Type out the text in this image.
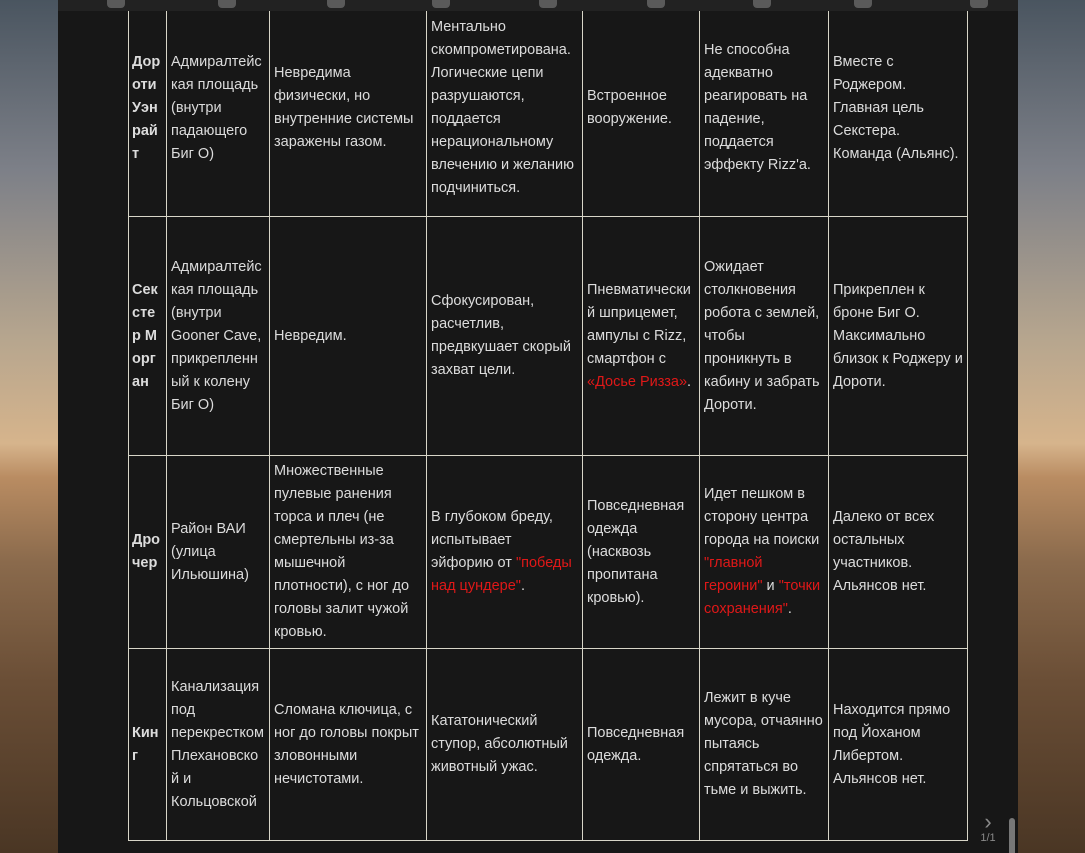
Дороти Уэнрайт	Адмиралтейская площадь (внутри падающего Биг О)	Невредима физически, но внутренние системы заражены газом.	Ментально скомпрометирована. Логические цепи разрушаются, поддается нерациональному влечению и желанию подчиниться.	Встроенное вооружение.	Не способна адекватно реагировать на падение, поддается эффекту Rizz'a.	Вместе с Роджером. Главная цель Секстера. Команда (Альянс).
Секстер Морган	Адмиралтейская площадь (внутри Gooner Cave, прикрепленный к колену Биг О)	Невредим.	Сфокусирован, расчетлив, предвкушает скорый захват цели.	Пневматический шприцемет, ампулы с Rizz, смартфон с «Досье Ризза».	Ожидает столкновения робота с землей, чтобы проникнуть в кабину и забрать Дороти.	Прикреплен к броне Биг О. Максимально близок к Роджеру и Дороти.
Дрочер	Район ВАИ (улица Ильюшина)	Множественные пулевые ранения торса и плеч (не смертельны из-за мышечной плотности), с ног до головы залит чужой кровью.	В глубоком бреду, испытывает эйфорию от "победы над цундере".	Повседневная одежда (насквозь пропитана кровью).	Идет пешком в сторону центра города на поиски "главной героини" и "точки сохранения".	Далеко от всех остальных участников. Альянсов нет.
Кинг	Канализация под перекрестком Плехановской и Кольцовской	Сломана ключица, с ног до головы покрыт зловонными нечистотами.	Кататонический ступор, абсолютный животный ужас.	Повседневная одежда.	Лежит в куче мусора, отчаянно пытаясь спрятаться во тьме и выжить.	Находится прямо под Йоханом Либертом. Альянсов нет.
›
1/1
